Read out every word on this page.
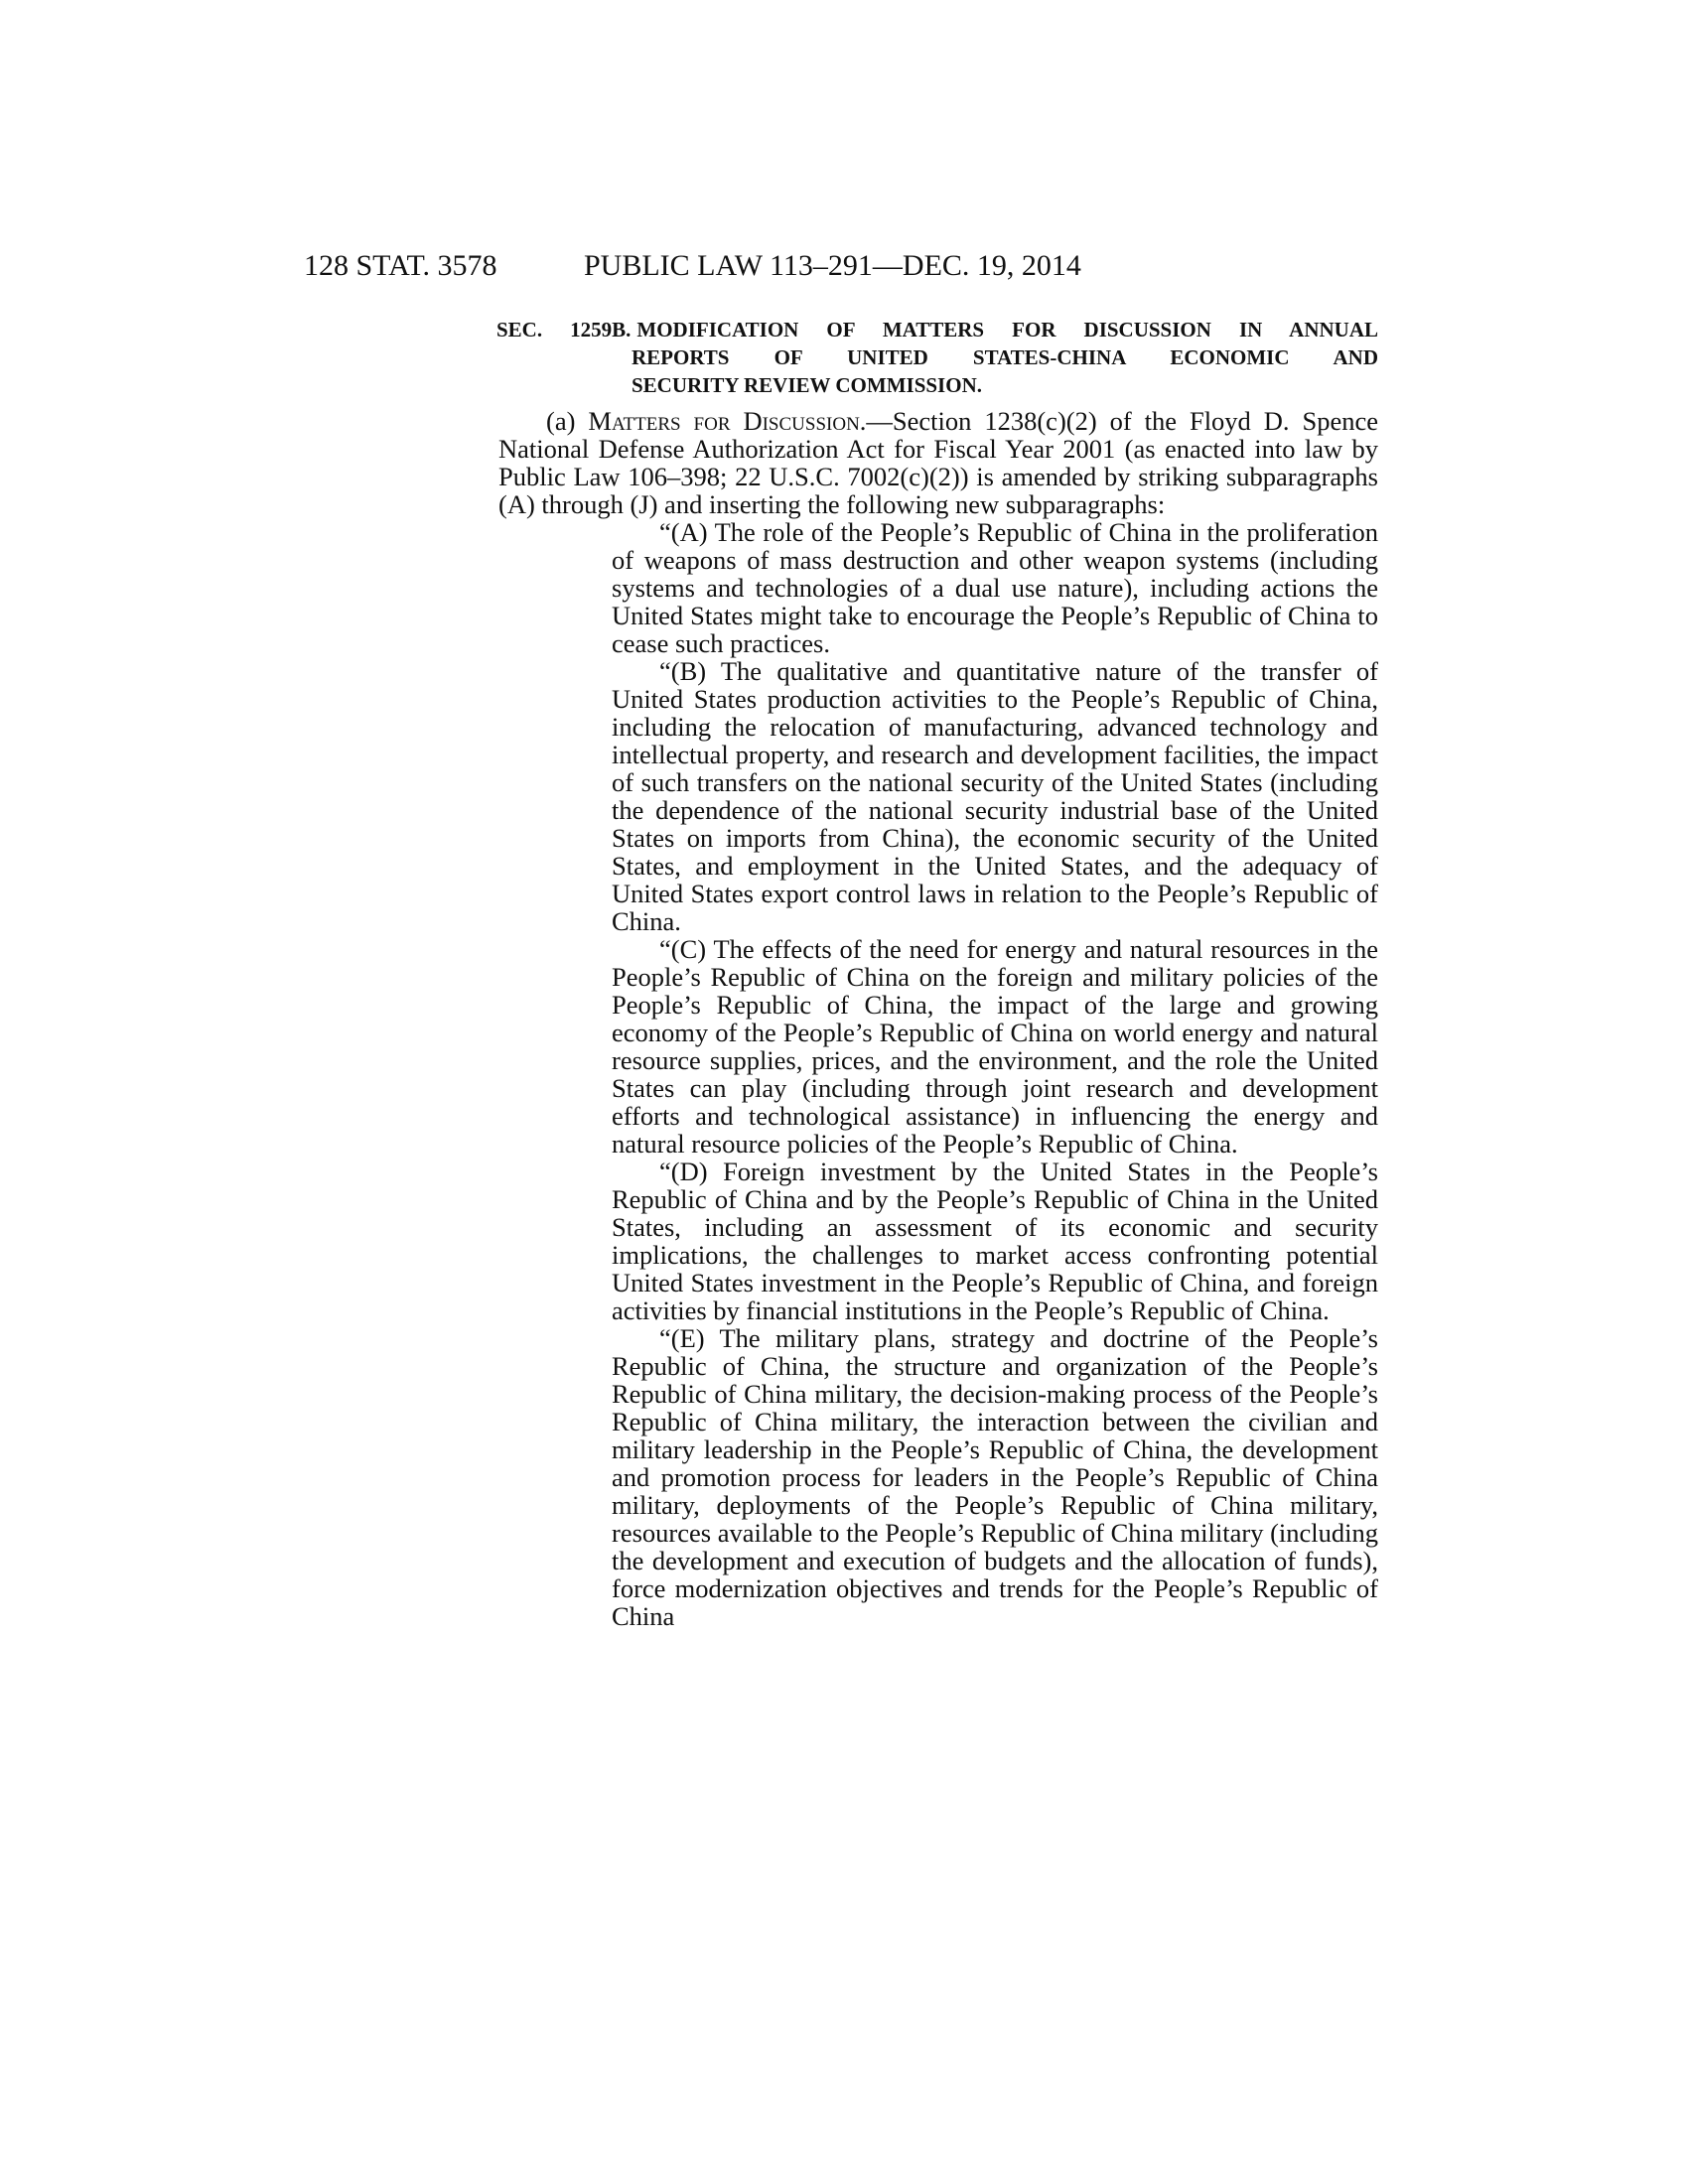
128 STAT. 3578	PUBLIC LAW 113–291—DEC. 19, 2014
SEC. 1259B. MODIFICATION OF MATTERS FOR DISCUSSION IN ANNUAL
REPORTS OF UNITED STATES-CHINA ECONOMIC AND
SECURITY REVIEW COMMISSION.

(a) Matters for Discussion.—Section 1238(c)(2) of the Floyd D. Spence National Defense Authorization Act for Fiscal Year 2001 (as enacted into law by Public Law 106–398; 22 U.S.C. 7002(c)(2)) is amended by striking subparagraphs (A) through (J) and inserting the following new subparagraphs:

“(A) The role of the People’s Republic of China in the proliferation of weapons of mass destruction and other weapon systems (including systems and technologies of a dual use nature), including actions the United States might take to encourage the People’s Republic of China to cease such practices.

“(B) The qualitative and quantitative nature of the transfer of United States production activities to the People’s Republic of China, including the relocation of manufacturing, advanced technology and intellectual property, and research and development facilities, the impact of such transfers on the national security of the United States (including the dependence of the national security industrial base of the United States on imports from China), the economic security of the United States, and employment in the United States, and the adequacy of United States export control laws in relation to the People’s Republic of China.

“(C) The effects of the need for energy and natural resources in the People’s Republic of China on the foreign and military policies of the People’s Republic of China, the impact of the large and growing economy of the People’s Republic of China on world energy and natural resource supplies, prices, and the environment, and the role the United States can play (including through joint research and development efforts and technological assistance) in influencing the energy and natural resource policies of the People’s Republic of China.

“(D) Foreign investment by the United States in the People’s Republic of China and by the People’s Republic of China in the United States, including an assessment of its economic and security implications, the challenges to market access confronting potential United States investment in the People’s Republic of China, and foreign activities by financial institutions in the People’s Republic of China.

“(E) The military plans, strategy and doctrine of the People’s Republic of China, the structure and organization of the People’s Republic of China military, the decision-making process of the People’s Republic of China military, the interaction between the civilian and military leadership in the People’s Republic of China, the development and promotion process for leaders in the People’s Republic of China military, deployments of the People’s Republic of China military, resources available to the People’s Republic of China military (including the development and execution of budgets and the allocation of funds), force modernization objectives and trends for the People’s Republic of China
